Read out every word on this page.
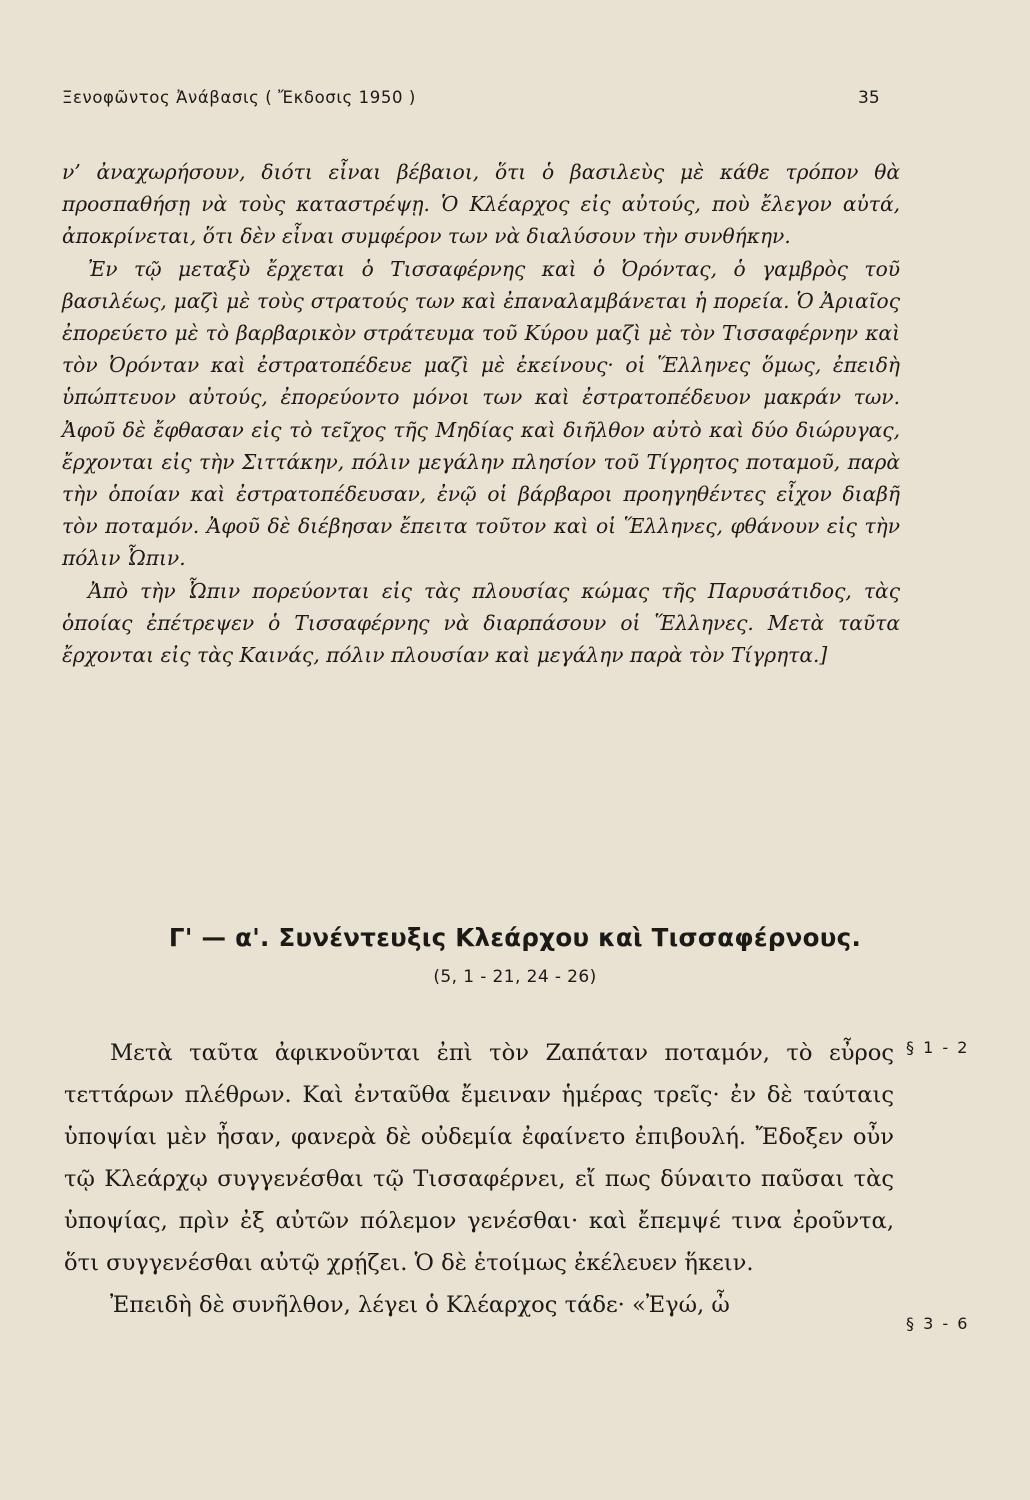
Ξενοφῶντος Ἀνάβασις ( Ἔκδοσις 1950 )	35

ν’ ἀναχωρήσουν, διότι εἶναι βέβαιοι, ὅτι ὁ βασιλεὺς μὲ κάθε τρόπον θὰ προσπαθήσῃ νὰ τοὺς καταστρέψῃ. Ὁ Κλέαρχος εἰς αὐτούς, ποὺ ἔλεγον αὐτά, ἀποκρίνεται, ὅτι δὲν εἶναι συμφέρον των νὰ διαλύσουν τὴν συνθήκην.

Ἐν τῷ μεταξὺ ἔρχεται ὁ Τισσαφέρνης καὶ ὁ Ὀρόντας, ὁ γαμβρὸς τοῦ βασιλέως, μαζὶ μὲ τοὺς στρατούς των καὶ ἐπαναλαμβάνεται ἡ πορεία. Ὁ Ἀριαῖος ἐπορεύετο μὲ τὸ βαρβαρικὸν στράτευμα τοῦ Κύρου μαζὶ μὲ τὸν Τισσαφέρνην καὶ τὸν Ὀρόνταν καὶ ἐστρατοπέδευε μαζὶ μὲ ἐκείνους· οἱ Ἕλληνες ὅμως, ἐπειδὴ ὑπώπτευον αὐτούς, ἐπορεύοντο μόνοι των καὶ ἐστρατοπέδευον μακράν των. Ἀφοῦ δὲ ἔφθασαν εἰς τὸ τεῖχος τῆς Μηδίας καὶ διῆλθον αὐτὸ καὶ δύο διώρυγας, ἔρχονται εἰς τὴν Σιττάκην, πόλιν μεγάλην πλησίον τοῦ Τίγρητος ποταμοῦ, παρὰ τὴν ὁποίαν καὶ ἐστρατοπέδευσαν, ἐνῷ οἱ βάρβαροι προηγηθέντες εἶχον διαβῆ τὸν ποταμόν. Ἀφοῦ δὲ διέβησαν ἔπειτα τοῦτον καὶ οἱ Ἕλληνες, φθάνουν εἰς τὴν πόλιν Ὦπιν.

Ἀπὸ τὴν Ὦπιν πορεύονται εἰς τὰς πλουσίας κώμας τῆς Παρυσάτιδος, τὰς ὁποίας ἐπέτρεψεν ὁ Τισσαφέρνης νὰ διαρπάσουν οἱ Ἕλληνες. Μετὰ ταῦτα ἔρχονται εἰς τὰς Καινάς, πόλιν πλουσίαν καὶ μεγάλην παρὰ τὸν Τίγρητα.]

Γ' — α'. Συνέντευξις Κλεάρχου καὶ Τισσαφέρνους.
(5, 1 - 21, 24 - 26)

Μετὰ ταῦτα ἀφικνοῦνται ἐπὶ τὸν Ζαπάταν ποταμόν, τὸ εὖρος τεττάρων πλέθρων. Καὶ ἐνταῦθα ἔμειναν ἡμέρας τρεῖς· ἐν δὲ ταύταις ὑποψίαι μὲν ἦσαν, φανερὰ δὲ οὐδεμία ἐφαίνετο ἐπιβουλή. Ἔδοξεν οὖν τῷ Κλεάρχῳ συγγενέσθαι τῷ Τισσαφέρνει, εἴ πως δύναιτο παῦσαι τὰς ὑποψίας, πρὶν ἐξ αὐτῶν πόλεμον γενέσθαι· καὶ ἔπεμψέ τινα ἐροῦντα, ὅτι συγγενέσθαι αὐτῷ χρῄζει. Ὁ δὲ ἑτοίμως ἐκέλευεν ἥκειν.

Ἐπειδὴ δὲ συνῆλθον, λέγει ὁ Κλέαρχος τάδε· «Ἐγώ, ὦ

§ 1 - 2
§ 3 - 6
